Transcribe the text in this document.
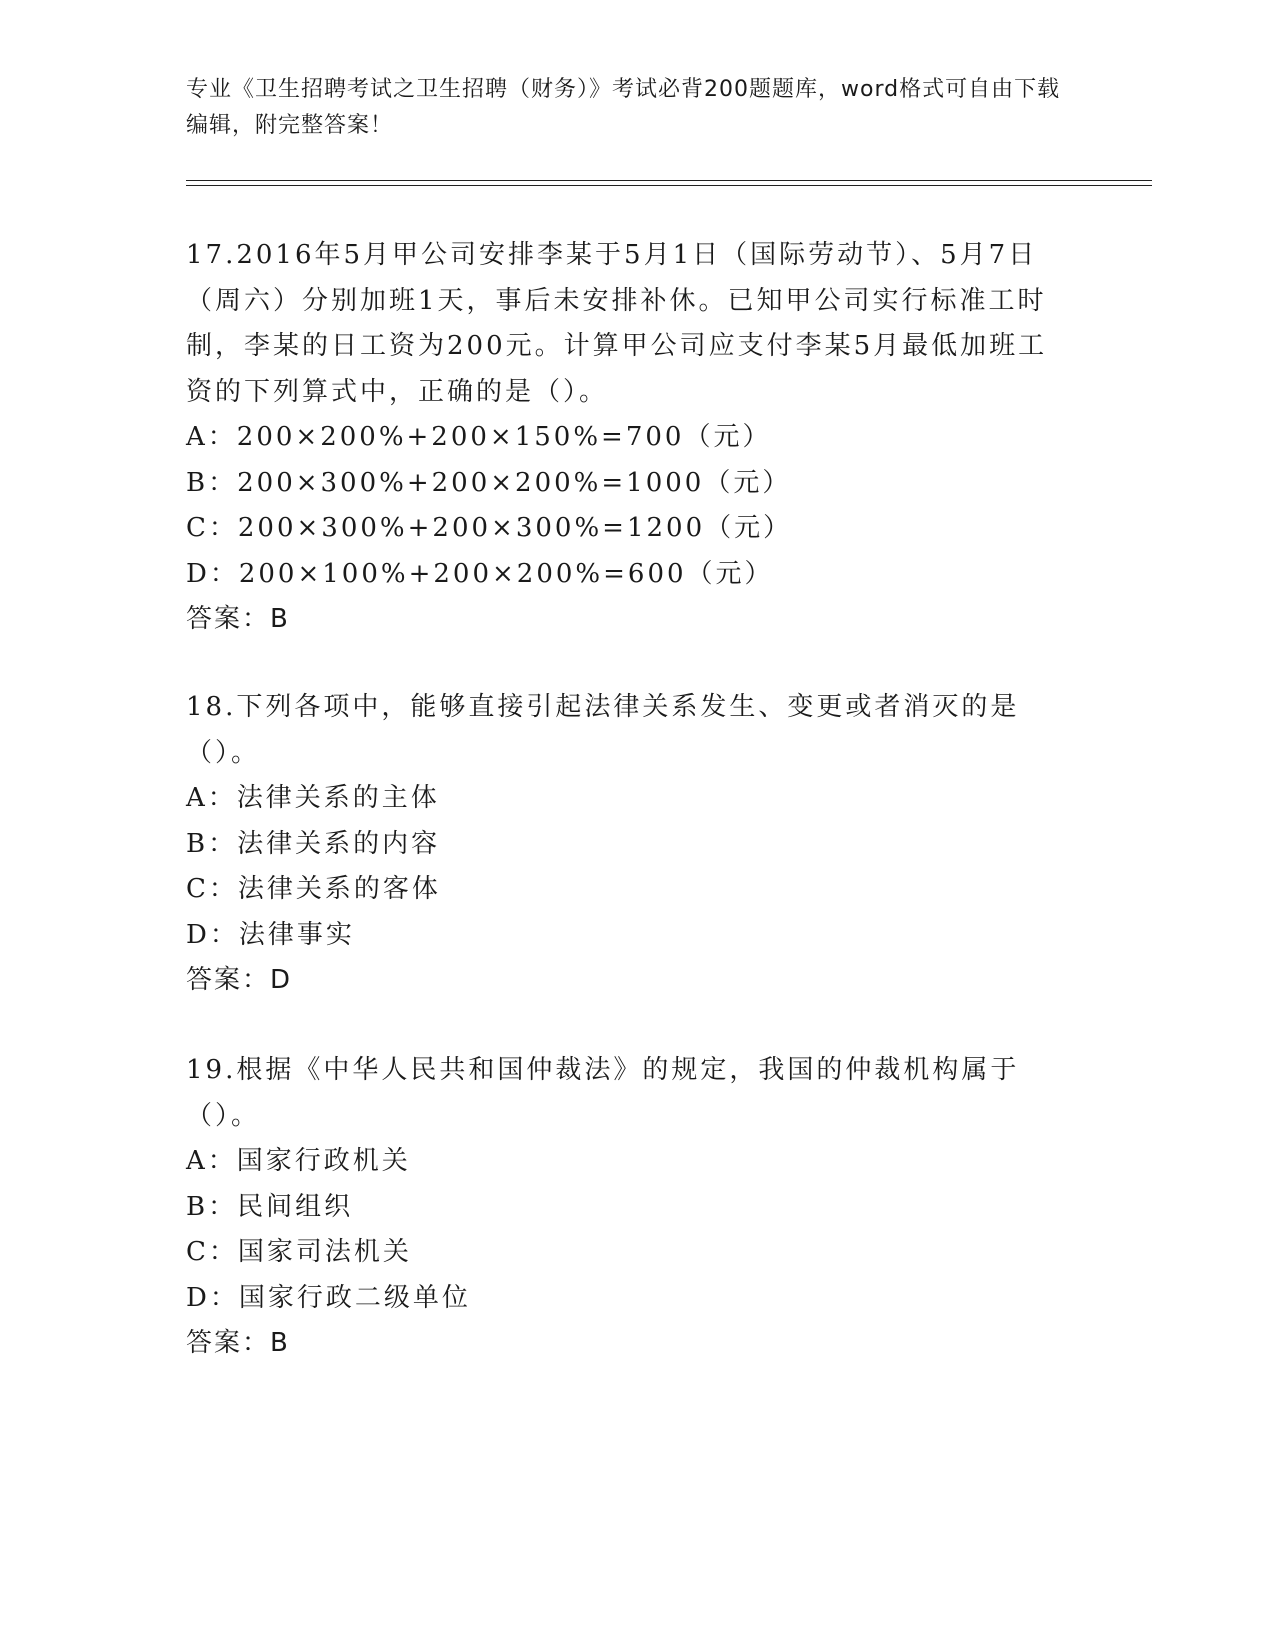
专业《卫生招聘考试之卫生招聘（财务）》考试必背200题题库，word格式可自由下载编辑，附完整答案！

17.2016年5月甲公司安排李某于5月1日（国际劳动节）、5月7日（周六）分别加班1天，事后未安排补休。已知甲公司实行标准工时制，李某的日工资为200元。计算甲公司应支付李某5月最低加班工资的下列算式中，正确的是（）。

A：200×200%+200×150%=700（元）

B：200×300%+200×200%=1000（元）

C：200×300%+200×300%=1200（元）

D：200×100%+200×200%=600（元）

答案：B

18.下列各项中，能够直接引起法律关系发生、变更或者消灭的是（）。

A：法律关系的主体

B：法律关系的内容

C：法律关系的客体

D：法律事实

答案：D

19.根据《中华人民共和国仲裁法》的规定，我国的仲裁机构属于（）。

A：国家行政机关

B：民间组织

C：国家司法机关

D：国家行政二级单位

答案：B
